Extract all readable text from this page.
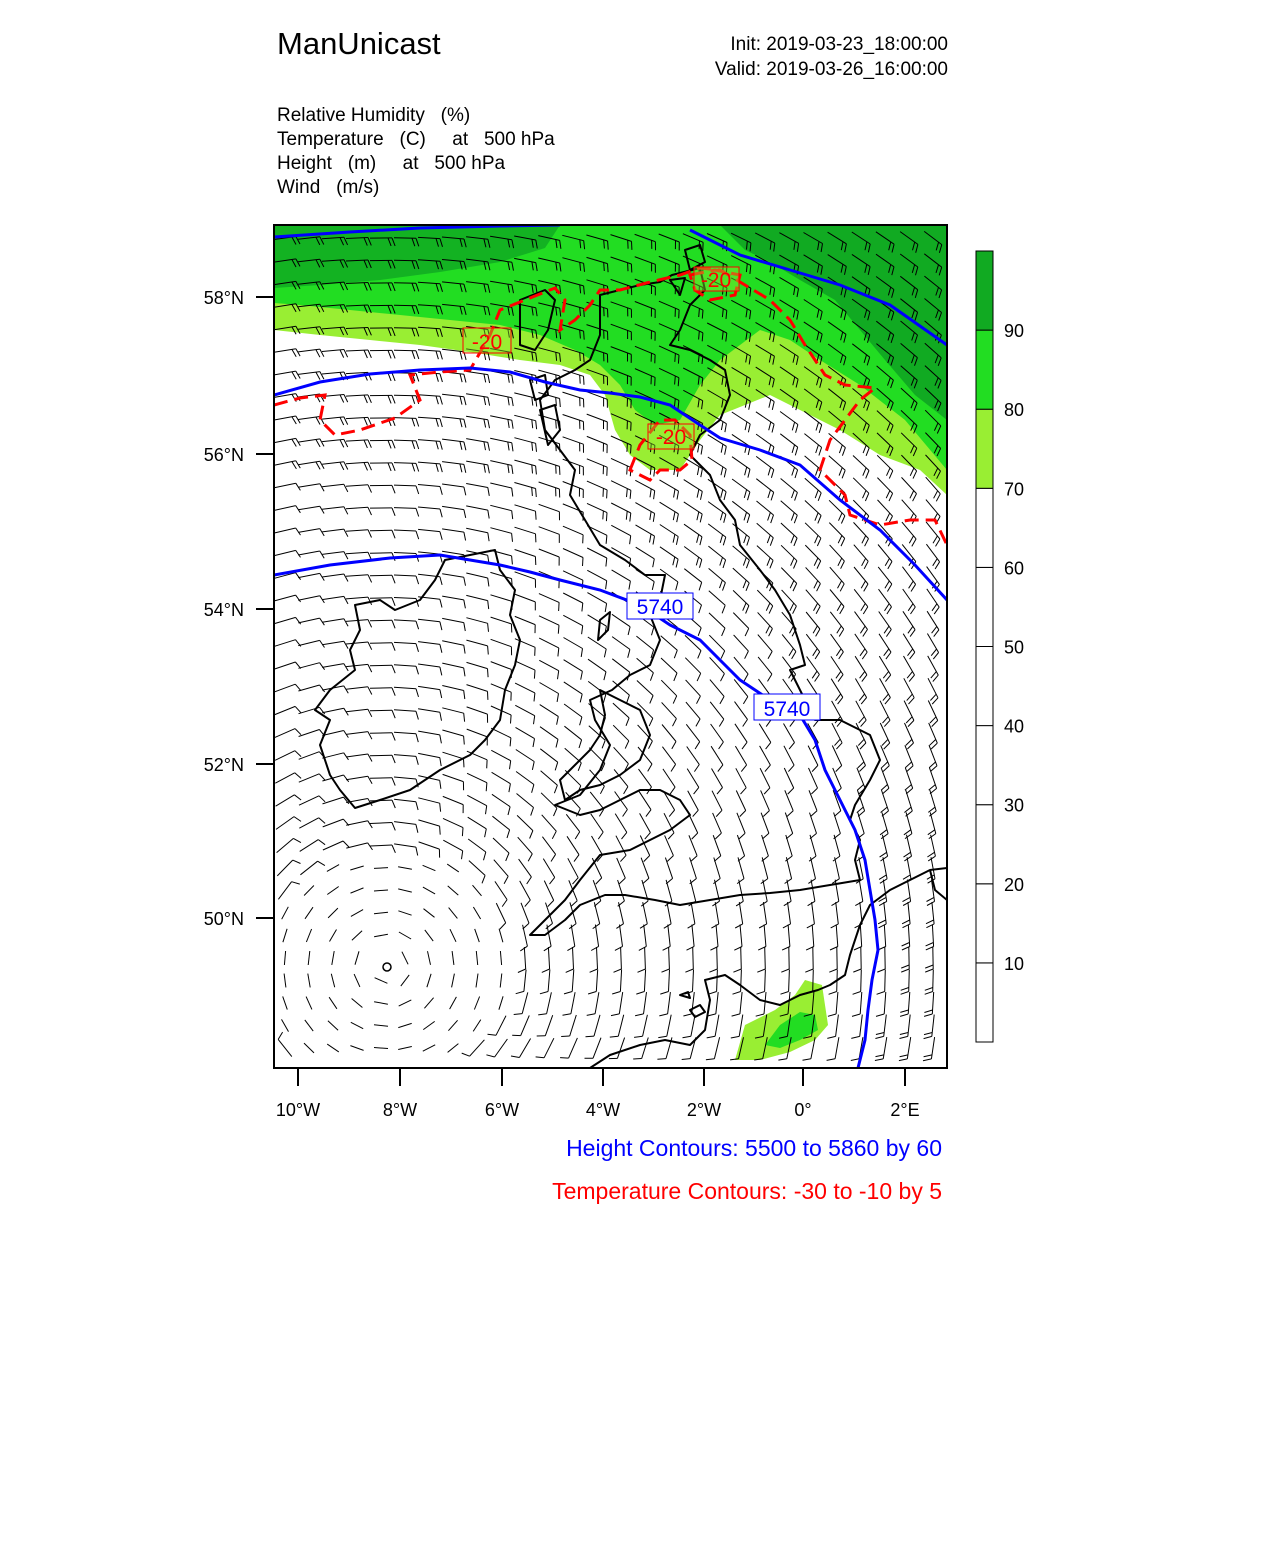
ManUnicast	Init: 2019-03-23_18:00:00
Valid: 2019-03-26_16:00:00
Relative Humidity   (%)
Temperature   (C)     at   500 hPa
Height   (m)     at   500 hPa
Wind   (m/s)
-20
-20
-20
5740
5740
58°N
56°N
54°N
52°N
50°N
10°W	8°W	6°W	4°W	2°W	0°	2°E
10
20
30
40
50
60
70
80
90
Height Contours: 5500 to 5860 by 60
Temperature Contours: -30 to -10 by 5
